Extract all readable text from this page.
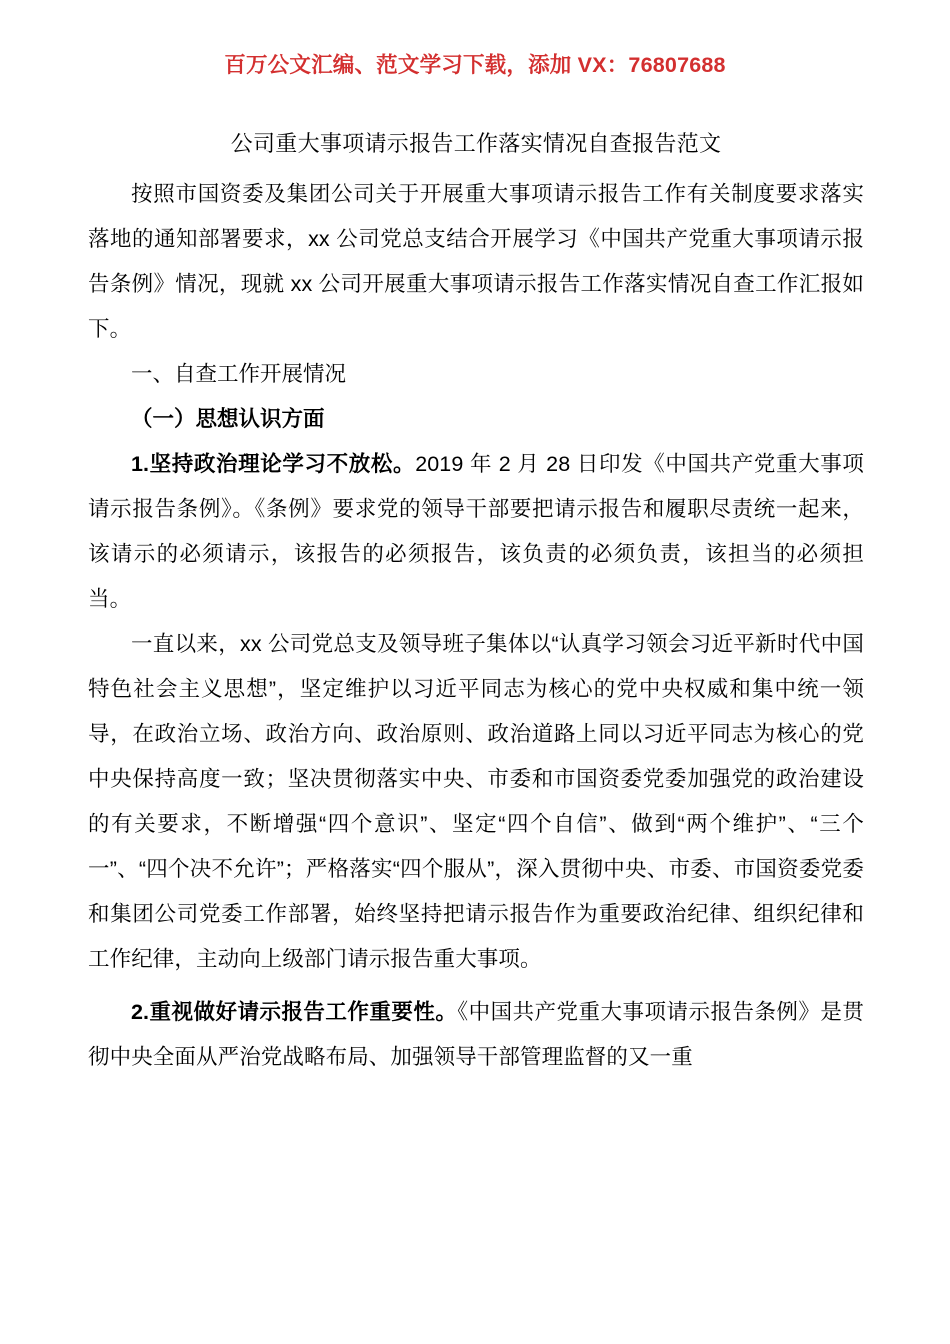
百万公文汇编、范文学习下载，添加 VX：76807688
公司重大事项请示报告工作落实情况自查报告范文

按照市国资委及集团公司关于开展重大事项请示报告工作有关制度要求落实落地的通知部署要求，xx 公司党总支结合开展学习《中国共产党重大事项请示报告条例》情况，现就 xx 公司开展重大事项请示报告工作落实情况自查工作汇报如下。

一、自查工作开展情况

（一）思想认识方面

1.坚持政治理论学习不放松。2019 年 2 月 28 日印发《中国共产党重大事项请示报告条例》。《条例》要求党的领导干部要把请示报告和履职尽责统一起来，该请示的必须请示，该报告的必须报告，该负责的必须负责，该担当的必须担当。

一直以来，xx 公司党总支及领导班子集体以“认真学习领会习近平新时代中国特色社会主义思想”，坚定维护以习近平同志为核心的党中央权威和集中统一领导，在政治立场、政治方向、政治原则、政治道路上同以习近平同志为核心的党中央保持高度一致；坚决贯彻落实中央、市委和市国资委党委加强党的政治建设的有关要求，不断增强“四个意识”、坚定“四个自信”、做到“两个维护”、“三个一”、“四个决不允许”；严格落实“四个服从”，深入贯彻中央、市委、市国资委党委和集团公司党委工作部署，始终坚持把请示报告作为重要政治纪律、组织纪律和工作纪律，主动向上级部门请示报告重大事项。

2.重视做好请示报告工作重要性。《中国共产党重大事项请示报告条例》是贯彻中央全面从严治党战略布局、加强领导干部管理监督的又一重
